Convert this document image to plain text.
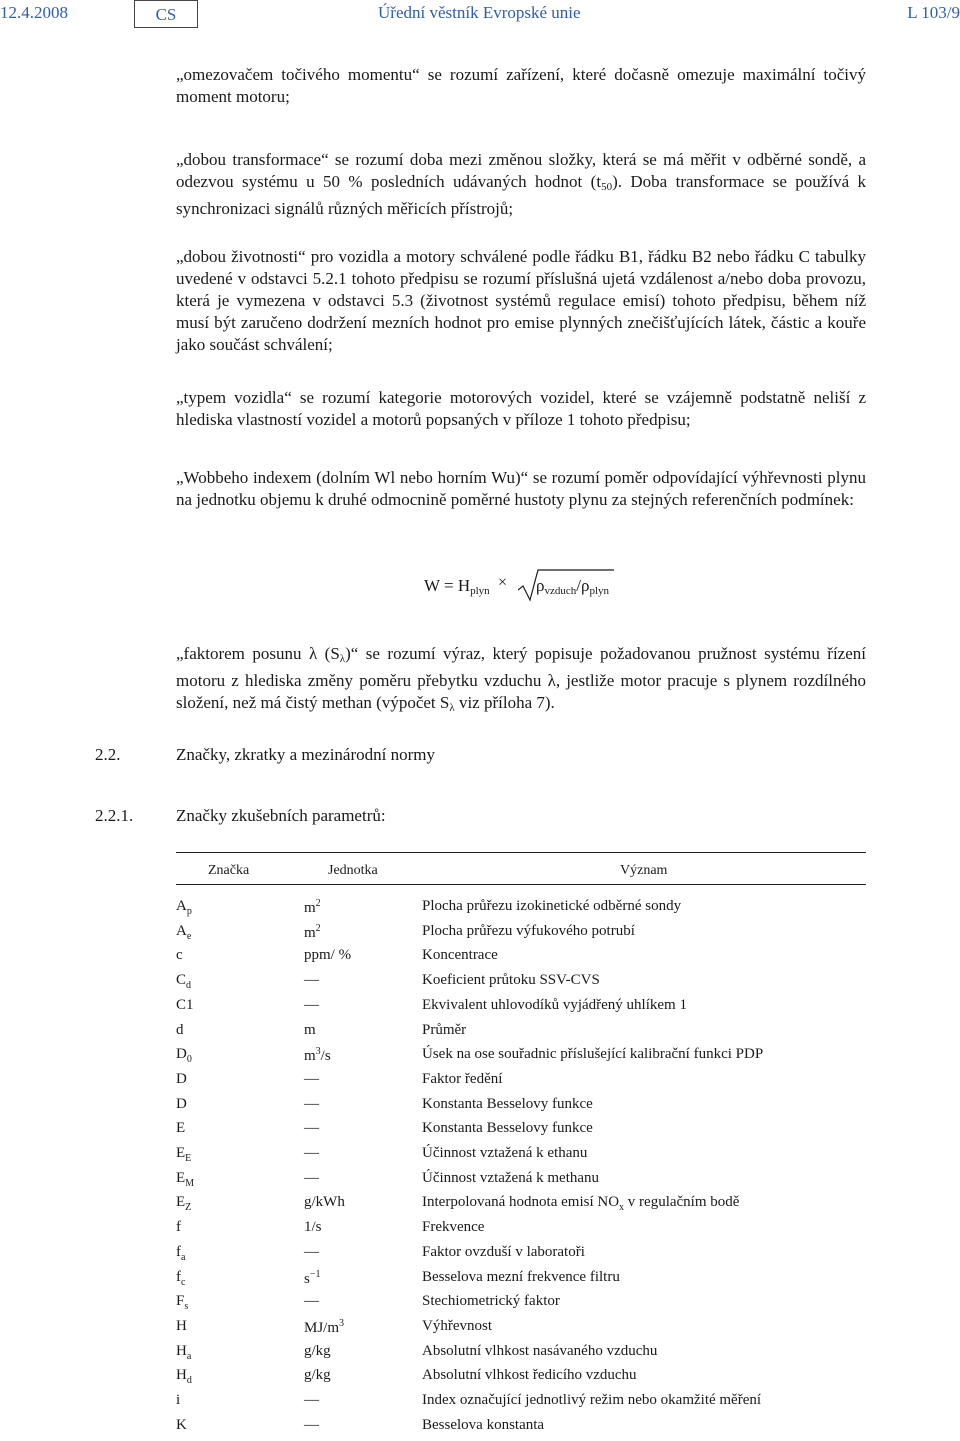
12.4.2008	CS	Úřední věstník Evropské unie	L 103/9

„omezovačem točivého momentu“ se rozumí zařízení, které dočasně omezuje maximální točivý moment motoru;

„dobou transformace“ se rozumí doba mezi změnou složky, která se má měřit v odběrné sondě, a odezvou systému u 50 % posledních udávaných hodnot $(t_{50})$. Doba transformace se používá k synchronizaci signálů různých měřicích přístrojů;

„dobou životnosti“ pro vozidla a motory schválené podle řádku B1, řádku B2 nebo řádku C tabulky uvedené v odstavci 5.2.1 tohoto předpisu se rozumí příslušná ujetá vzdálenost a/nebo doba provozu, která je vymezena v odstavci 5.3 (životnost systémů regulace emisí) tohoto předpisu, během níž musí být zaručeno dodržení mezních hodnot pro emise plynných znečišťujících látek, částic a kouře jako součást schválení;

„typem vozidla“ se rozumí kategorie motorových vozidel, které se vzájemně podstatně neliší z hlediska vlastností vozidel a motorů popsaných v příloze 1 tohoto předpisu;

„Wobbeho indexem (dolním Wl nebo horním Wu)“ se rozumí poměr odpovídající výhřevnosti plynu na jednotku objemu k druhé odmocnině poměrné hustoty plynu za stejných referenčních podmínek:

$W = H_{plyn} \times \rho_{vzduch}/\rho_{plyn}$

„faktorem posunu λ $(S_\lambda)“$ se rozumí výraz, který popisuje požadovanou pružnost systému řízení motoru z hlediska změny poměru přebytku vzduchu λ, jestliže motor pracuje s plynem rozdílného složení, než má čistý methan (výpočet $S_\lambda$ viz příloha 7).

2.2.	Značky, zkratky a mezinárodní normy
2.2.1.	Značky zkušebních parametrů:
Značka	Jednotka	Význam
$A_p$	$m^2$	Plocha průřezu izokinetické odběrné sondy
$A_e$	$m^2$	Plocha průřezu výfukového potrubí
c	ppm/ %	Koncentrace
$C_d$	—	Koeficient průtoku SSV-CVS
C1	—	Ekvivalent uhlovodíků vyjádřený uhlíkem 1
d	m	Průměr
$D_0$	$m^3/s$	Úsek na ose souřadnic příslušející kalibrační funkci PDP
D	—	Faktor ředění
D	—	Konstanta Besselovy funkce
E	—	Konstanta Besselovy funkce
$E_E$	—	Účinnost vztažená k ethanu
$E_M$	—	Účinnost vztažená k methanu
$E_Z$	g/kWh	Interpolovaná hodnota emisí $NO_x$ v regulačním bodě
f	1/s	Frekvence
$f_a$	—	Faktor ovzduší v laboratoři
$f_c$	$s^{-1}$	Besselova mezní frekvence filtru
$F_s$	—	Stechiometrický faktor
H	$MJ/m^3$	Výhřevnost
$H_a$	g/kg	Absolutní vlhkost nasávaného vzduchu
$H_d$	g/kg	Absolutní vlhkost ředicího vzduchu
i	—	Index označující jednotlivý režim nebo okamžité měření
K	—	Besselova konstanta
